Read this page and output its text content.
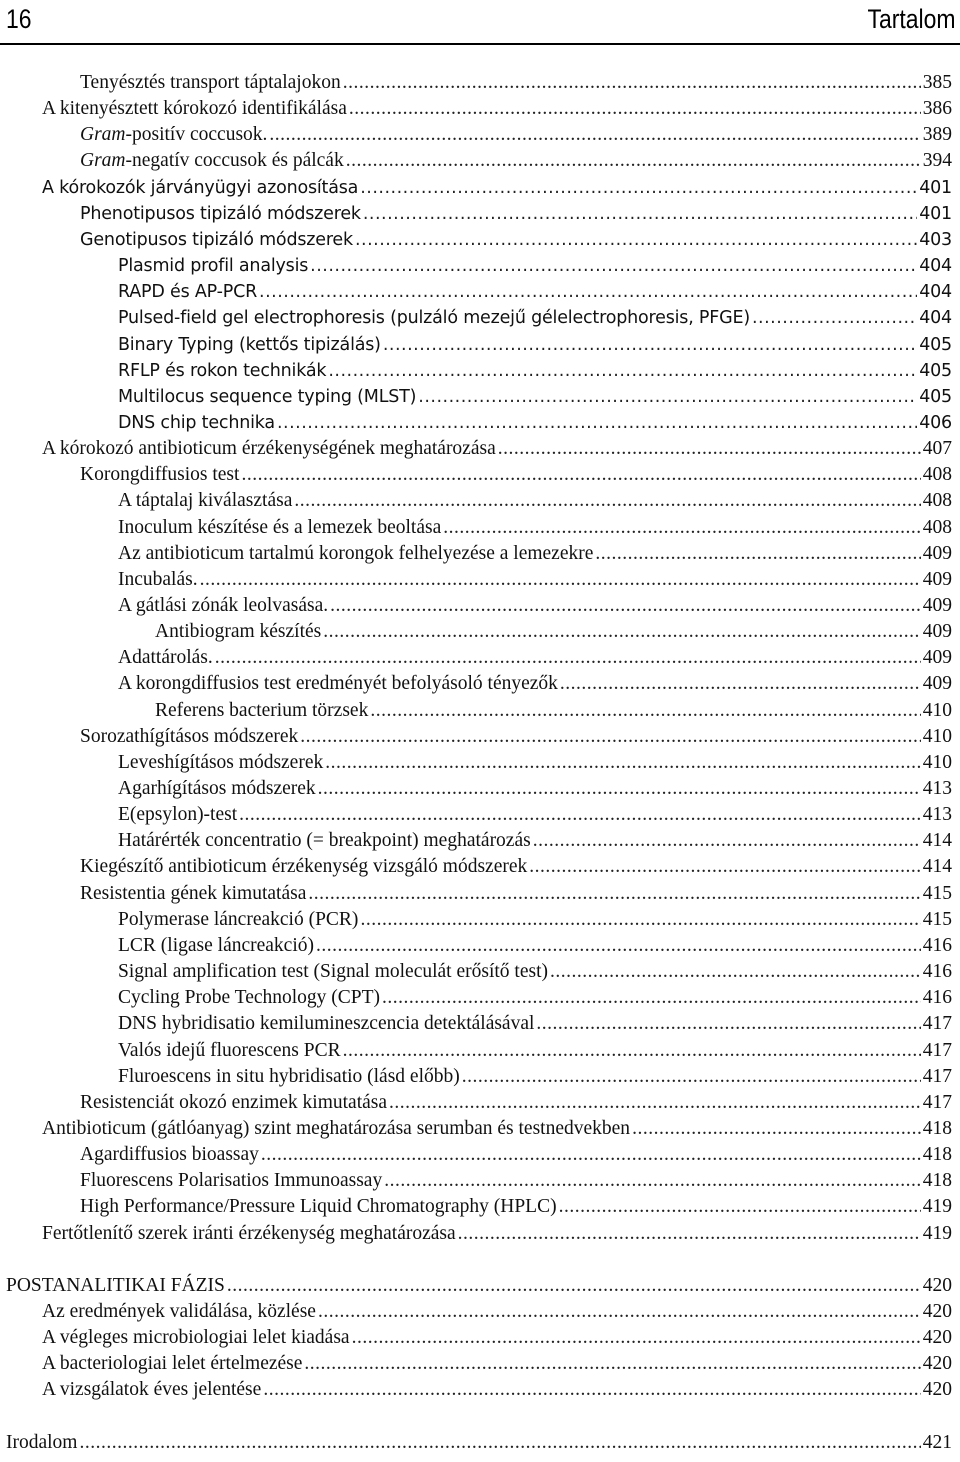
16	Tartalom
Tenyésztés transport táptalajokon .....	385
A kitenyésztett kórokozó identifikálása .....	386
Gram-positív coccusok. .....	389
Gram-negatív coccusok és pálcák .....	394
A kórokozók járványügyi azonosítása .....	401
Phenotipusos tipizáló módszerek .....	401
Genotipusos tipizáló módszerek .....	403
Plasmid profil analysis .....	404
RAPD és AP-PCR .....	404
Pulsed-field gel electrophoresis (pulzáló mezejű gélelectrophoresis, PFGE) .....	404
Binary Typing (kettős tipizálás) .....	405
RFLP és rokon technikák .....	405
Multilocus sequence typing (MLST) .....	405
DNS chip technika .....	406
A kórokozó antibioticum érzékenységének meghatározása .....	407
Korongdiffusios test .....	408
A táptalaj kiválasztása .....	408
Inoculum készítése és a lemezek beoltása .....	408
Az antibioticum tartalmú korongok felhelyezése a lemezekre .....	409
Incubalás. .....	409
A gátlási zónák leolvasása. .....	409
Antibiogram készítés .....	409
Adattárolás. .....	409
A korongdiffusios test eredményét befolyásoló tényezők .....	409
Referens bacterium törzsek .....	410
Sorozathígításos módszerek .....	410
Leveshígításos módszerek .....	410
Agarhígításos módszerek .....	413
E(epsylon)-test .....	413
Határérték concentratio (= breakpoint) meghatározás .....	414
Kiegészítő antibioticum érzékenység vizsgáló módszerek .....	414
Resistentia gének kimutatása .....	415
Polymerase láncreakció (PCR) .....	415
LCR (ligase láncreakció) .....	416
Signal amplification test (Signal moleculát erősítő test) .....	416
Cycling Probe Technology (CPT) .....	416
DNS hybridisatio kemilumineszcencia detektálásával .....	417
Valós idejű fluorescens PCR .....	417
Fluroescens in situ hybridisatio (lásd előbb) .....	417
Resistenciát okozó enzimek kimutatása .....	417
Antibioticum (gátlóanyag) szint meghatározása serumban és testnedvekben .....	418
Agardiffusios bioassay .....	418
Fluorescens Polarisatios Immunoassay .....	418
High Performance/Pressure Liquid Chromatography (HPLC) .....	419
Fertőtlenítő szerek iránti érzékenység meghatározása .....	419
POSTANALITIKAI FÁZIS .....	420
Az eredmények validálása, közlése .....	420
A végleges microbiologiai lelet kiadása .....	420
A bacteriologiai lelet értelmezése .....	420
A vizsgálatok éves jelentése .....	420
Irodalom .....	421
